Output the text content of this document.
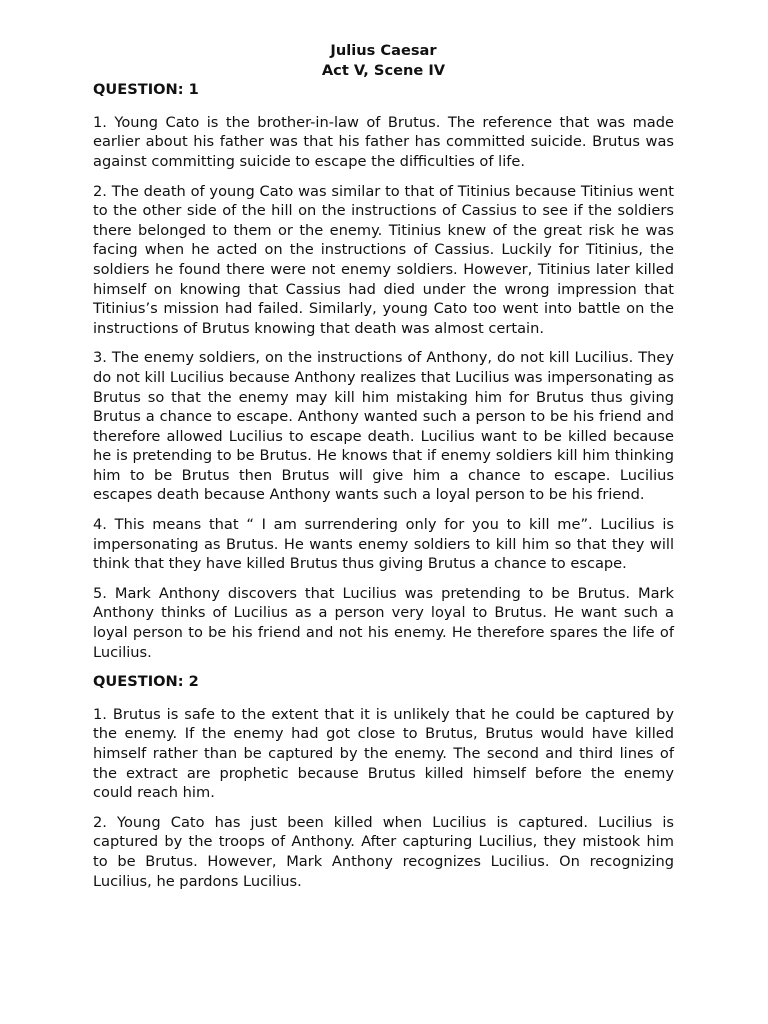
Julius Caesar

Act V, Scene IV

QUESTION: 1

1. Young Cato is the brother-in-law of Brutus. The reference that was made earlier about his father was that his father has committed suicide. Brutus was against committing suicide to escape the difficulties of life.

2. The death of young Cato was similar to that of Titinius because Titinius went to the other side of the hill on the instructions of Cassius to see if the soldiers there belonged to them or the enemy. Titinius knew of the great risk he was facing when he acted on the instructions of Cassius. Luckily for Titinius, the soldiers he found there were not enemy soldiers. However, Titinius later killed himself on knowing that Cassius had died under the wrong impression that Titinius’s mission had failed. Similarly, young Cato too went into battle on the instructions of Brutus knowing that death was almost certain.

3. The enemy soldiers, on the instructions of Anthony, do not kill Lucilius. They do not kill Lucilius because Anthony realizes that Lucilius was impersonating as Brutus so that the enemy may kill him mistaking him for Brutus thus giving Brutus a chance to escape. Anthony wanted such a person to be his friend and therefore allowed Lucilius to escape death. Lucilius want to be killed because he is pretending to be Brutus. He knows that if enemy soldiers kill him thinking him to be Brutus then Brutus will give him a chance to escape. Lucilius escapes death because Anthony wants such a loyal person to be his friend.

4. This means that “ I am surrendering only for you to kill me”. Lucilius is impersonating as Brutus. He wants enemy soldiers to kill him so that they will think that they have killed Brutus thus giving Brutus a chance to escape.

5. Mark Anthony discovers that Lucilius was pretending to be Brutus. Mark Anthony thinks of Lucilius as a person very loyal to Brutus. He want such a loyal person to be his friend and not his enemy. He therefore spares the life of Lucilius.

QUESTION: 2

1. Brutus is safe to the extent that it is unlikely that he could be captured by the enemy. If the enemy had got close to Brutus, Brutus would have killed himself rather than be captured by the enemy. The second and third lines of the extract are prophetic because Brutus killed himself before the enemy could reach him.

2. Young Cato has just been killed when Lucilius is captured. Lucilius is captured by the troops of Anthony. After capturing Lucilius, they mistook him to be Brutus. However, Mark Anthony recognizes Lucilius. On recognizing Lucilius, he pardons Lucilius.
